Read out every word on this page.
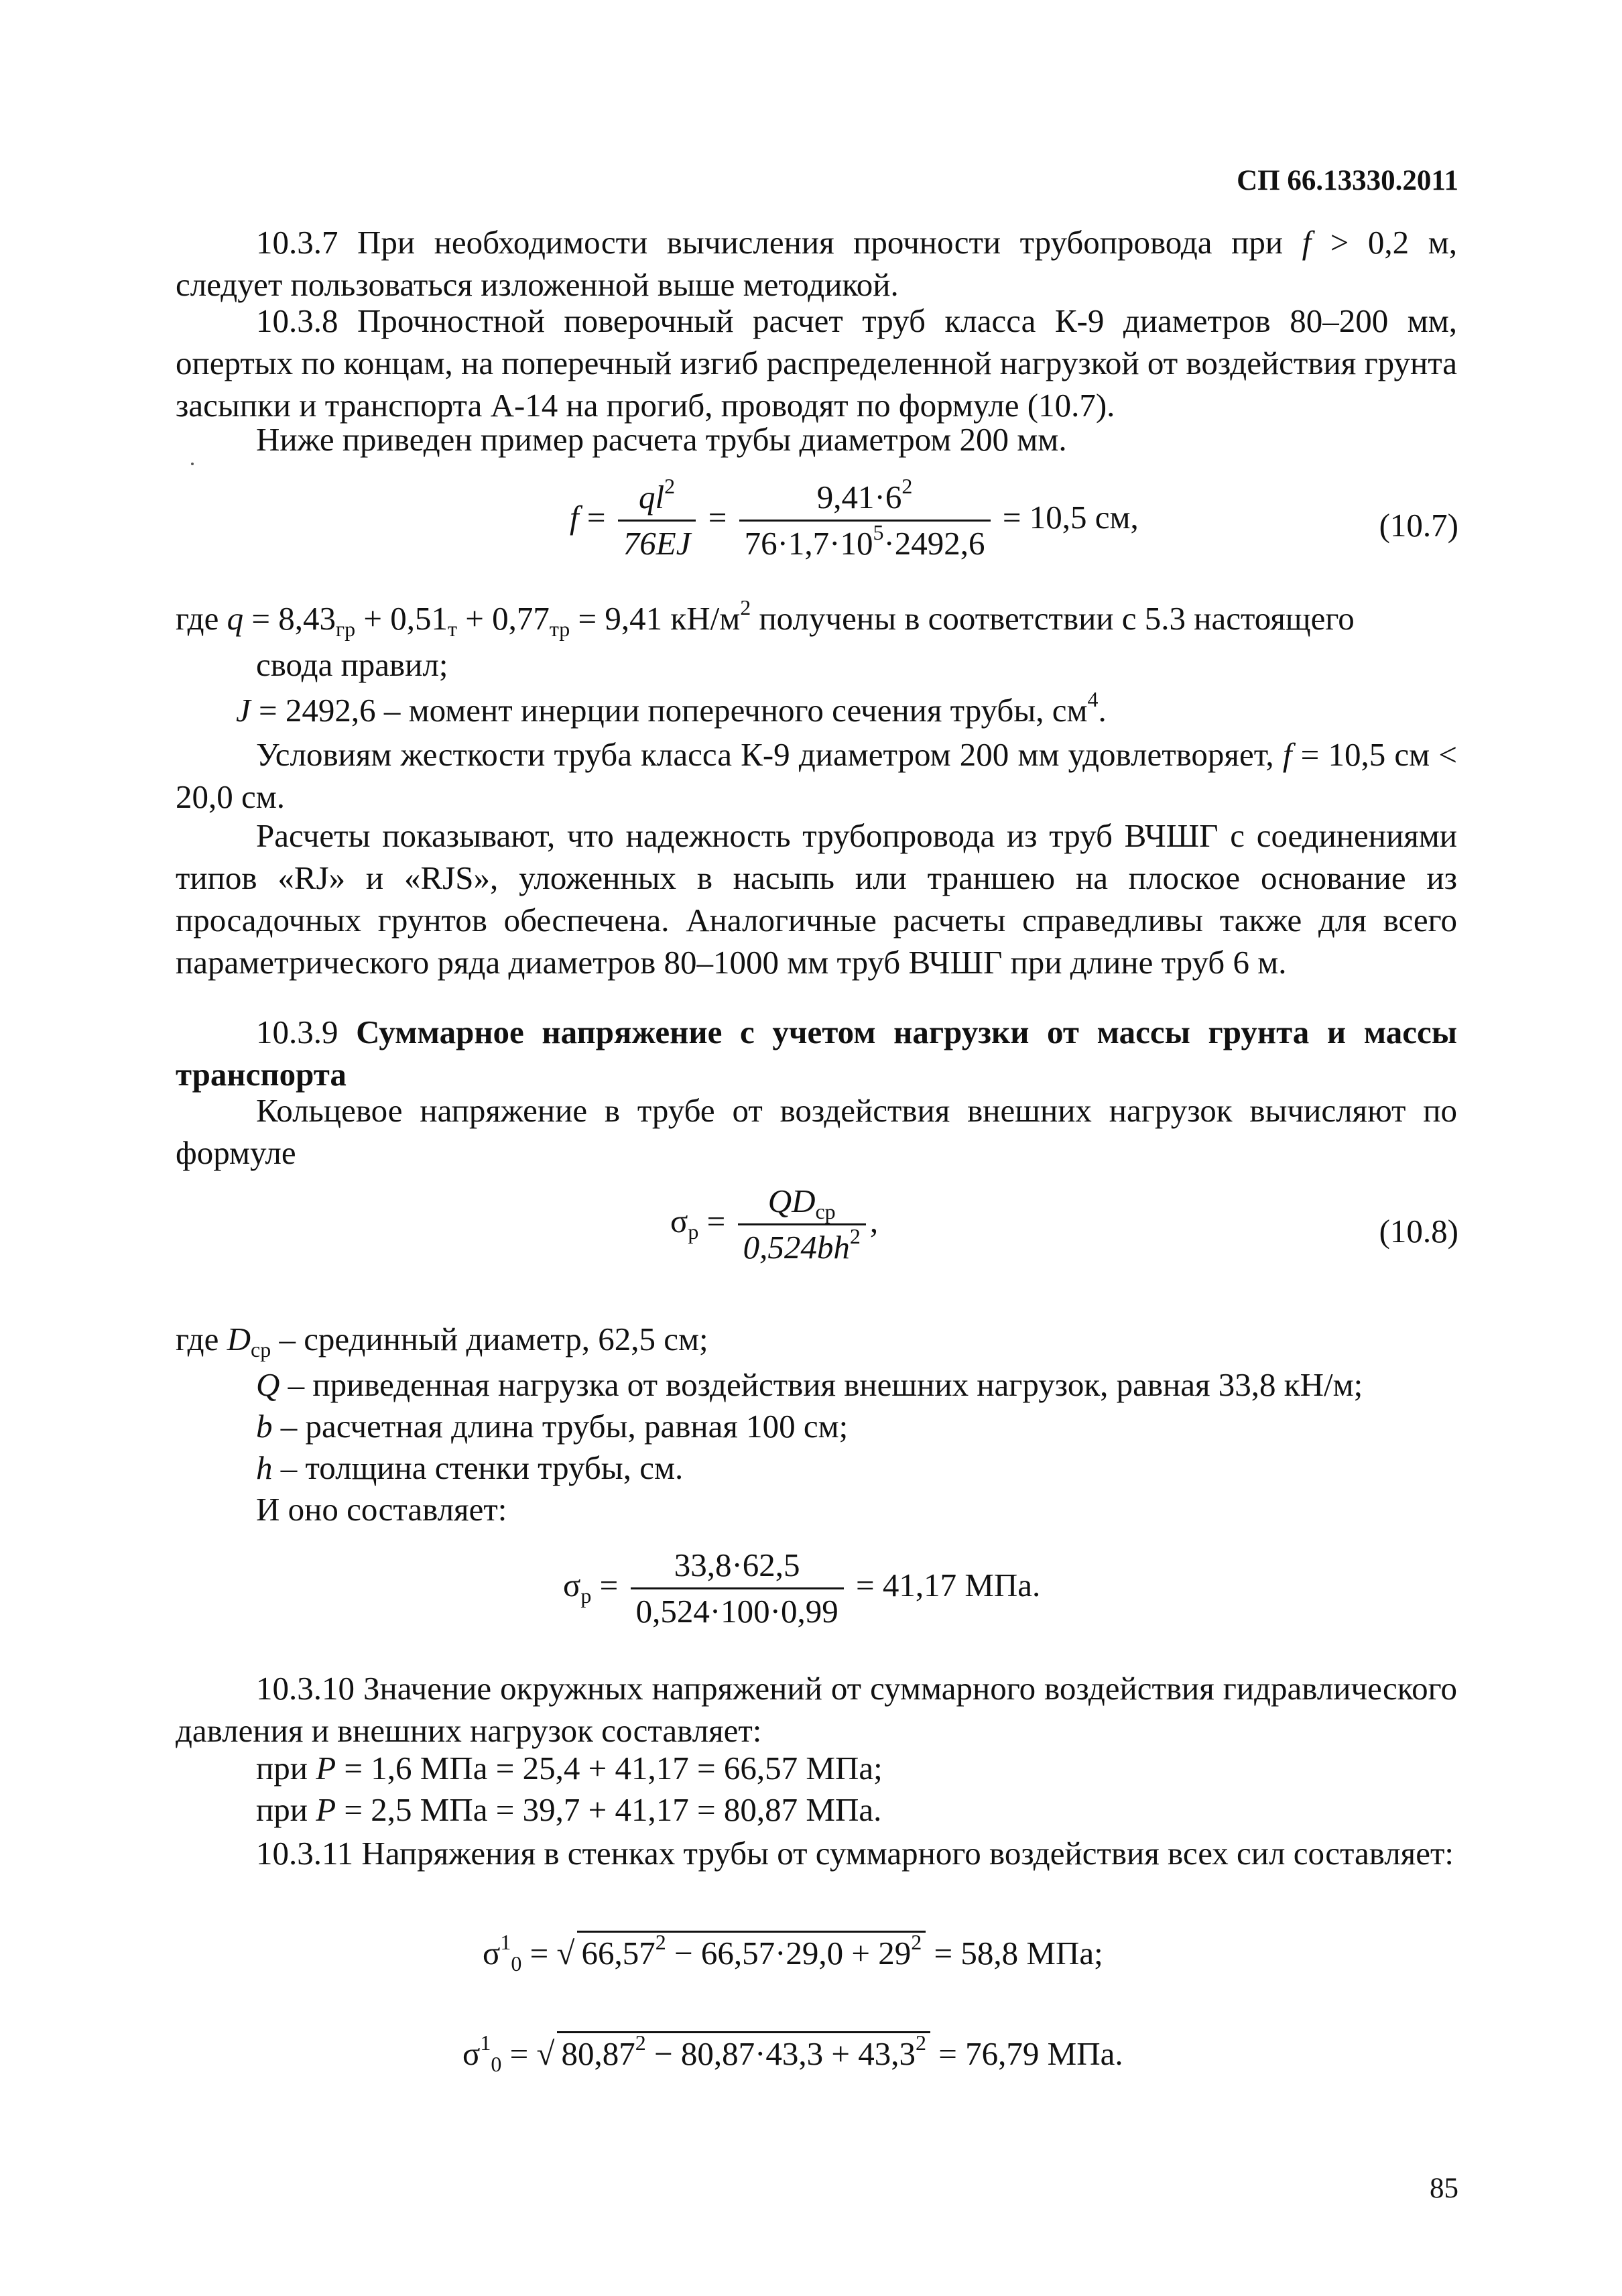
СП 66.13330.2011

10.3.7 При необходимости вычисления прочности трубопровода при f > 0,2 м, следует пользоваться изложенной выше методикой.

10.3.8 Прочностной поверочный расчет труб класса К-9 диаметров 80–200 мм, опертых по концам, на поперечный изгиб распределенной нагрузкой от воздействия грунта засыпки и транспорта А-14 на прогиб, проводят по формуле (10.7).

Ниже приведен пример расчета трубы диаметром 200 мм.

$f = \frac{ql^2}{76EJ} = \frac{9,41\cdot 6^2}{76\cdot 1,7\cdot 10^5\cdot 2492,6} = 10,5$ см,	(10.7)
где $q = 8,43_{гр} + 0,51_т + 0,77_{тр} = 9,41$ $кН/м^2$ получены в соответствии с 5.3 настоящего
свода правил;
J = 2492,6 – момент инерции поперечного сечения трубы, $см^4$.

Условиям жесткости труба класса К-9 диаметром 200 мм удовлетворяет, f = 10,5 см < 20,0 см.

Расчеты показывают, что надежность трубопровода из труб ВЧШГ с соединениями типов «RJ» и «RJS», уложенных в насыпь или траншею на плоское основание из просадочных грунтов обеспечена. Аналогичные расчеты справедливы также для всего параметрического ряда диаметров 80–1000 мм труб ВЧШГ при длине труб 6 м.

10.3.9 Суммарное напряжение с учетом нагрузки от массы грунта и массы транспорта

Кольцевое напряжение в трубе от воздействия внешних нагрузок вычисляют по формуле

$\sigma_р = \frac{QD_{ср}}{0,524bh^2}$ ,	(10.8)
где $D_{ср}$ – срединный диаметр, 62,5 см;
Q – приведенная нагрузка от воздействия внешних нагрузок, равная 33,8 кН/м;
b – расчетная длина трубы, равная 100 см;
h – толщина стенки трубы, см.
И оно составляет:
$\sigma_р = \frac{33,8\cdot 62,5}{0,524\cdot 100\cdot 0,99} = 41,17$ МПа.

10.3.10 Значение окружных напряжений от суммарного воздействия гидравлического давления и внешних нагрузок составляет:

при P = 1,6 МПа = 25,4 + 41,17 = 66,57 МПа;
при P = 2,5 МПа = 39,7 + 41,17 = 80,87 МПа.

10.3.11 Напряжения в стенках трубы от суммарного воздействия всех сил составляет:

$\sigma^1_0$ = √ $66,57^2 - 66,57\cdot 29,0 + 29^2 = 58,8$ МПа;
$\sigma^1_0$ = √ $80,87^2 - 80,87\cdot 43,3 + 43,3^2 = 76,79$ МПа.
85
